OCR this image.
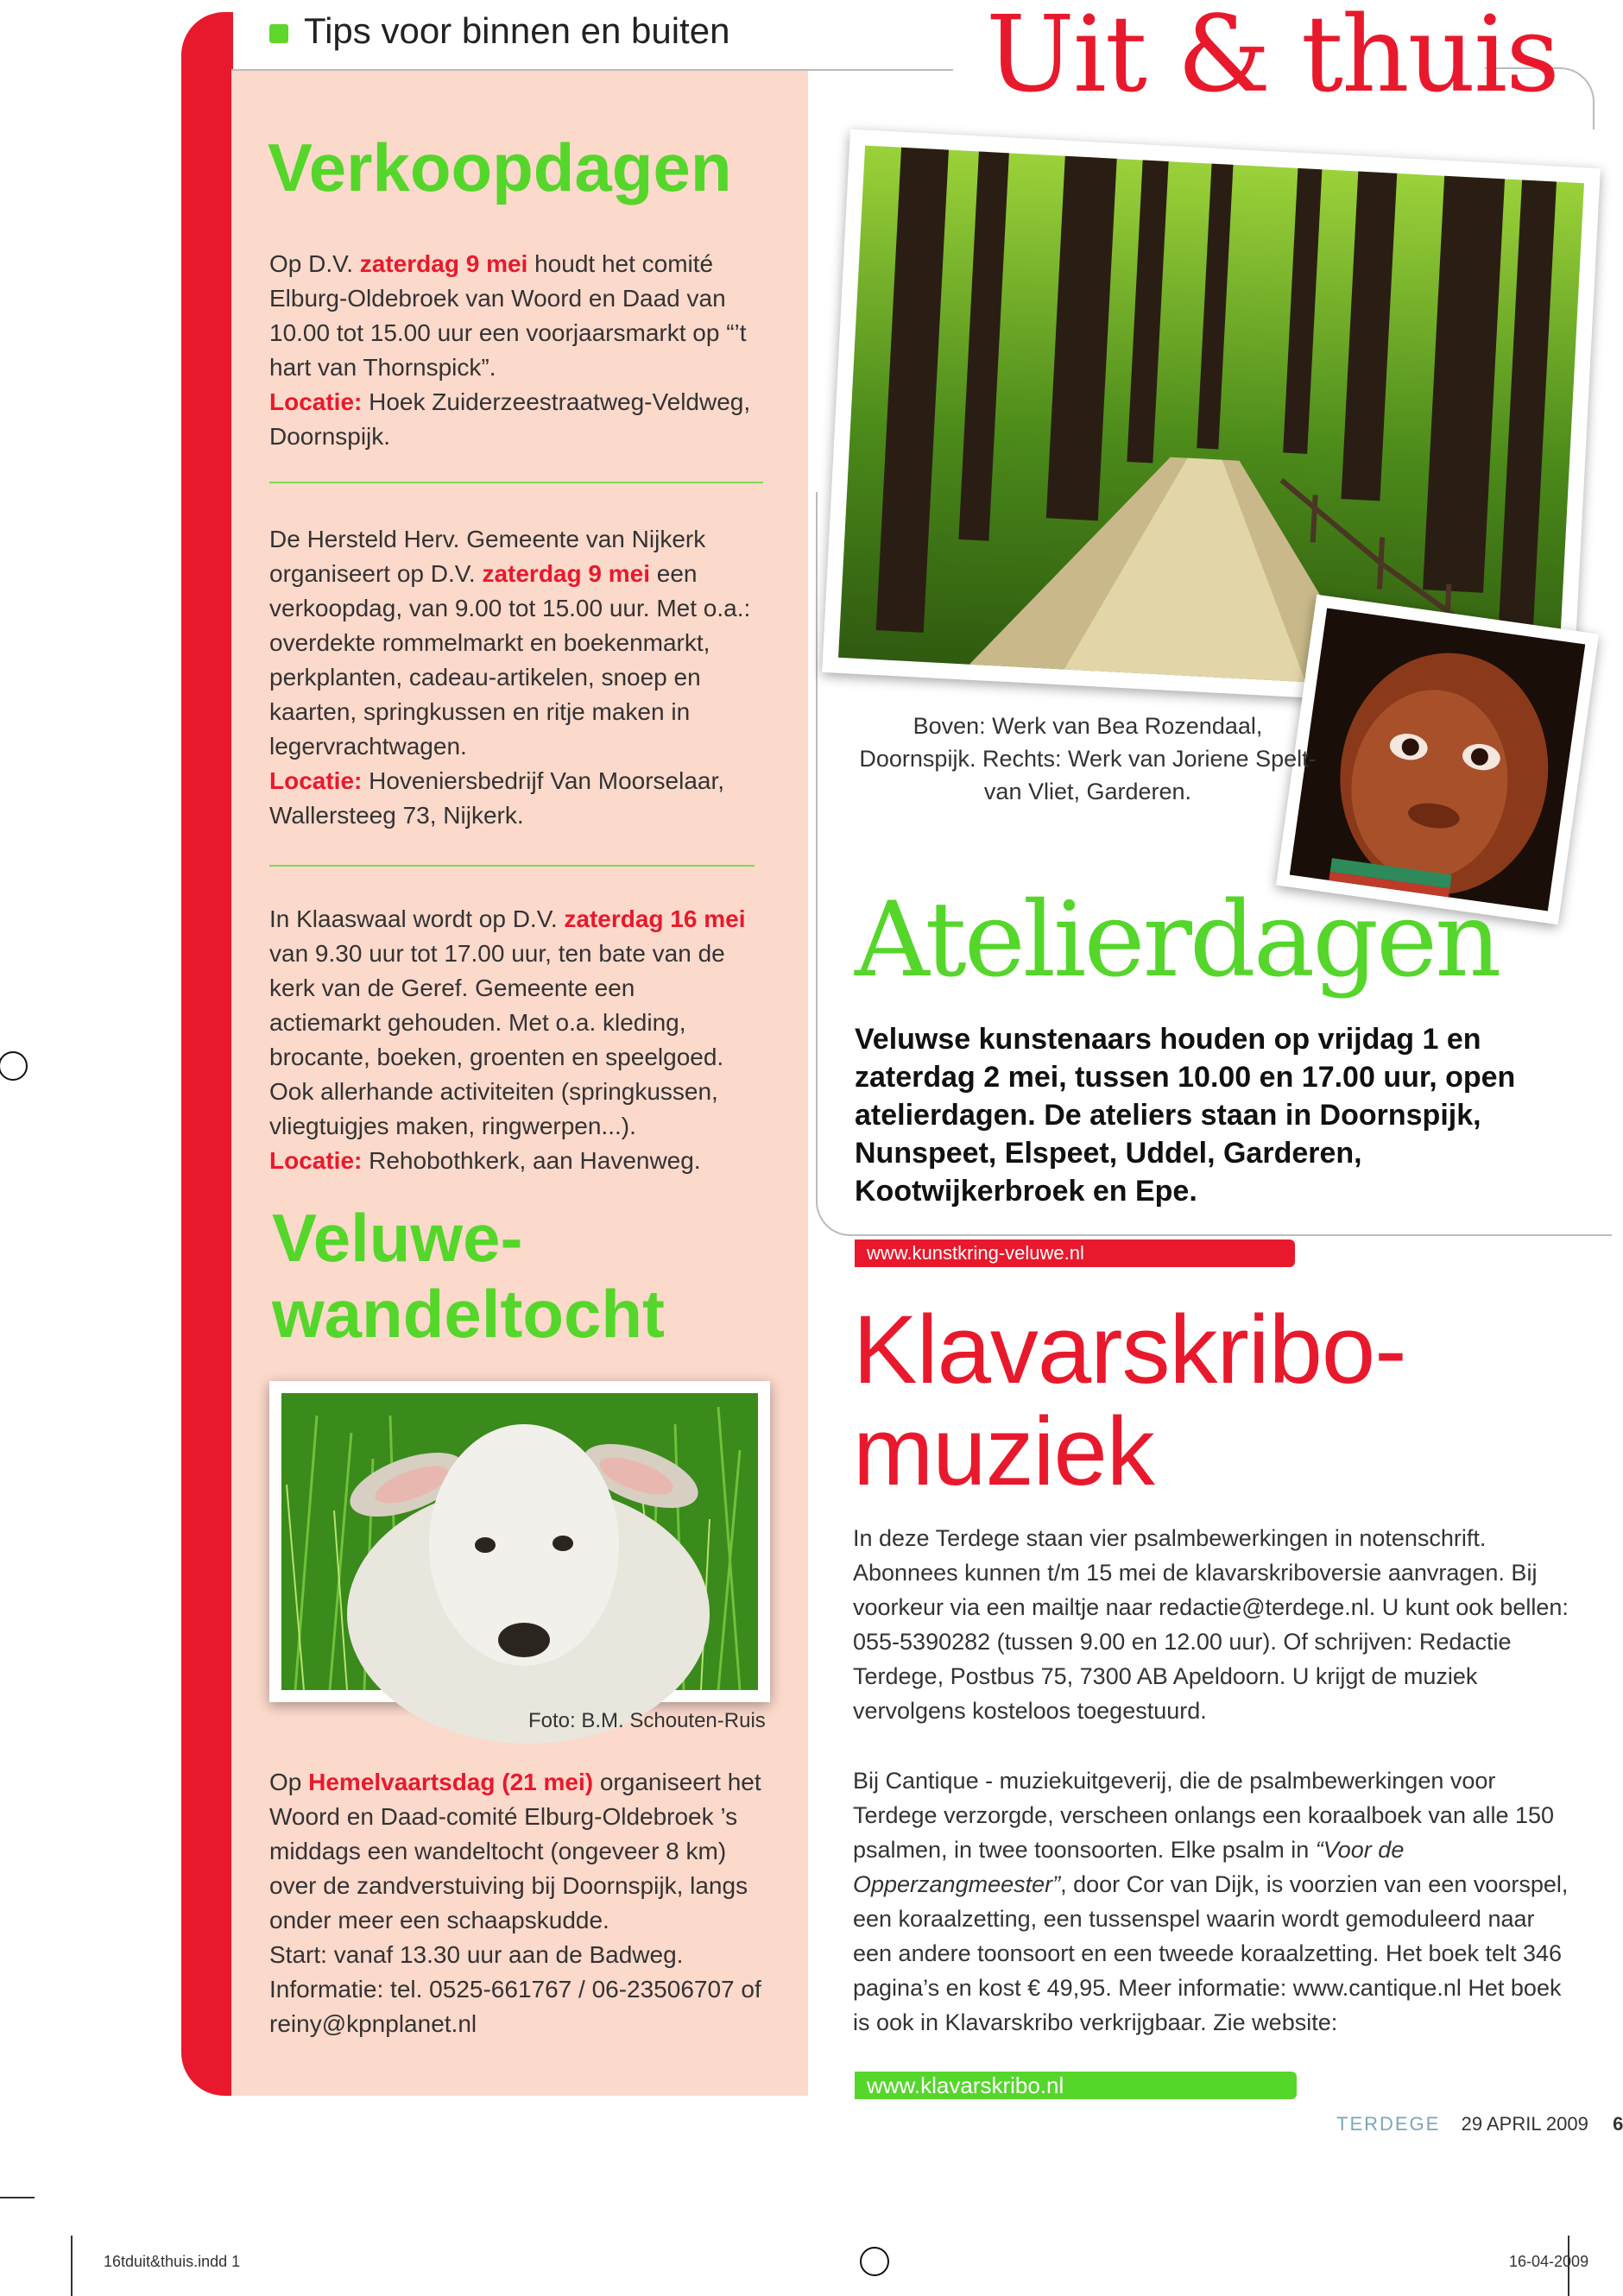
Tips voor binnen en buiten Uit & thuis
Verkoopdagen
Op D.V. zaterdag 9 mei houdt het comité Elburg-Oldebroek van Woord en Daad van 10.00 tot 15.00 uur een voorjaarsmarkt op “’t hart van Thornspick”.
Locatie: Hoek Zuiderzeestraatweg-Veldweg, Doornspijk.
De Hersteld Herv. Gemeente van Nijkerk organiseert op D.V. zaterdag 9 mei een verkoopdag, van 9.00 tot 15.00 uur. Met o.a.: overdekte rommelmarkt en boekenmarkt, perkplanten, cadeau-artikelen, snoep en kaarten, springkussen en ritje maken in legervrachtwagen.
Locatie: Hoveniersbedrijf Van Moorselaar, Wallersteeg 73, Nijkerk.
In Klaaswaal wordt op D.V. zaterdag 16 mei van 9.30 uur tot 17.00 uur, ten bate van de kerk van de Geref. Gemeente een actiemarkt gehouden. Met o.a. kleding, brocante, boeken, groenten en speelgoed. Ook allerhande activiteiten (springkussen, vliegtuigjes maken, ringwerpen...).
Locatie: Rehobothkerk, aan Havenweg.
Veluwe-
wandeltocht
Foto: B.M. Schouten-Ruis
Op Hemelvaartsdag (21 mei) organiseert het Woord en Daad-comité Elburg-Oldebroek ’s middags een wandeltocht (ongeveer 8 km) over de zandverstuiving bij Doornspijk, langs onder meer een schaapskudde.
Start: vanaf 13.30 uur aan de Badweg.
Informatie: tel. 0525-661767 / 06-23506707 of reiny@kpnplanet.nl
Boven: Werk van Bea Rozendaal, Doornspijk. Rechts: Werk van Joriene Spelt-van Vliet, Garderen.
Atelierdagen
Veluwse kunstenaars houden op vrijdag 1 en zaterdag 2 mei, tussen 10.00 en 17.00 uur, open atelierdagen. De ateliers staan in Doornspijk, Nunspeet, Elspeet, Uddel, Garderen, Kootwijkerbroek en Epe.
www.kunstkring-veluwe.nl
Klavarskribo-
muziek
In deze Terdege staan vier psalmbewerkingen in notenschrift. Abonnees kunnen t/m 15 mei de klavarskriboversie aanvragen. Bij voorkeur via een mailtje naar redactie@terdege.nl. U kunt ook bellen: 055-5390282 (tussen 9.00 en 12.00 uur). Of schrijven: Redactie Terdege, Postbus 75, 7300 AB Apeldoorn. U krijgt de muziek vervolgens kosteloos toegestuurd.
Bij Cantique - muziekuitgeverij, die de psalmbewerkingen voor Terdege verzorgde, verscheen onlangs een koraalboek van alle 150 psalmen, in twee toonsoorten. Elke psalm in “Voor de Opperzangmeester”, door Cor van Dijk, is voorzien van een voorspel, een koraalzetting, een tussenspel waarin wordt gemoduleerd naar een andere toonsoort en een tweede koraalzetting. Het boek telt 346 pagina’s en kost € 49,95. Meer informatie: www.cantique.nl Het boek is ook in Klavarskribo verkrijgbaar. Zie website:
www.klavarskribo.nl
TERDEGE 29 APRIL 2009 6
16tduit&thuis.indd 1	16-04-2009
